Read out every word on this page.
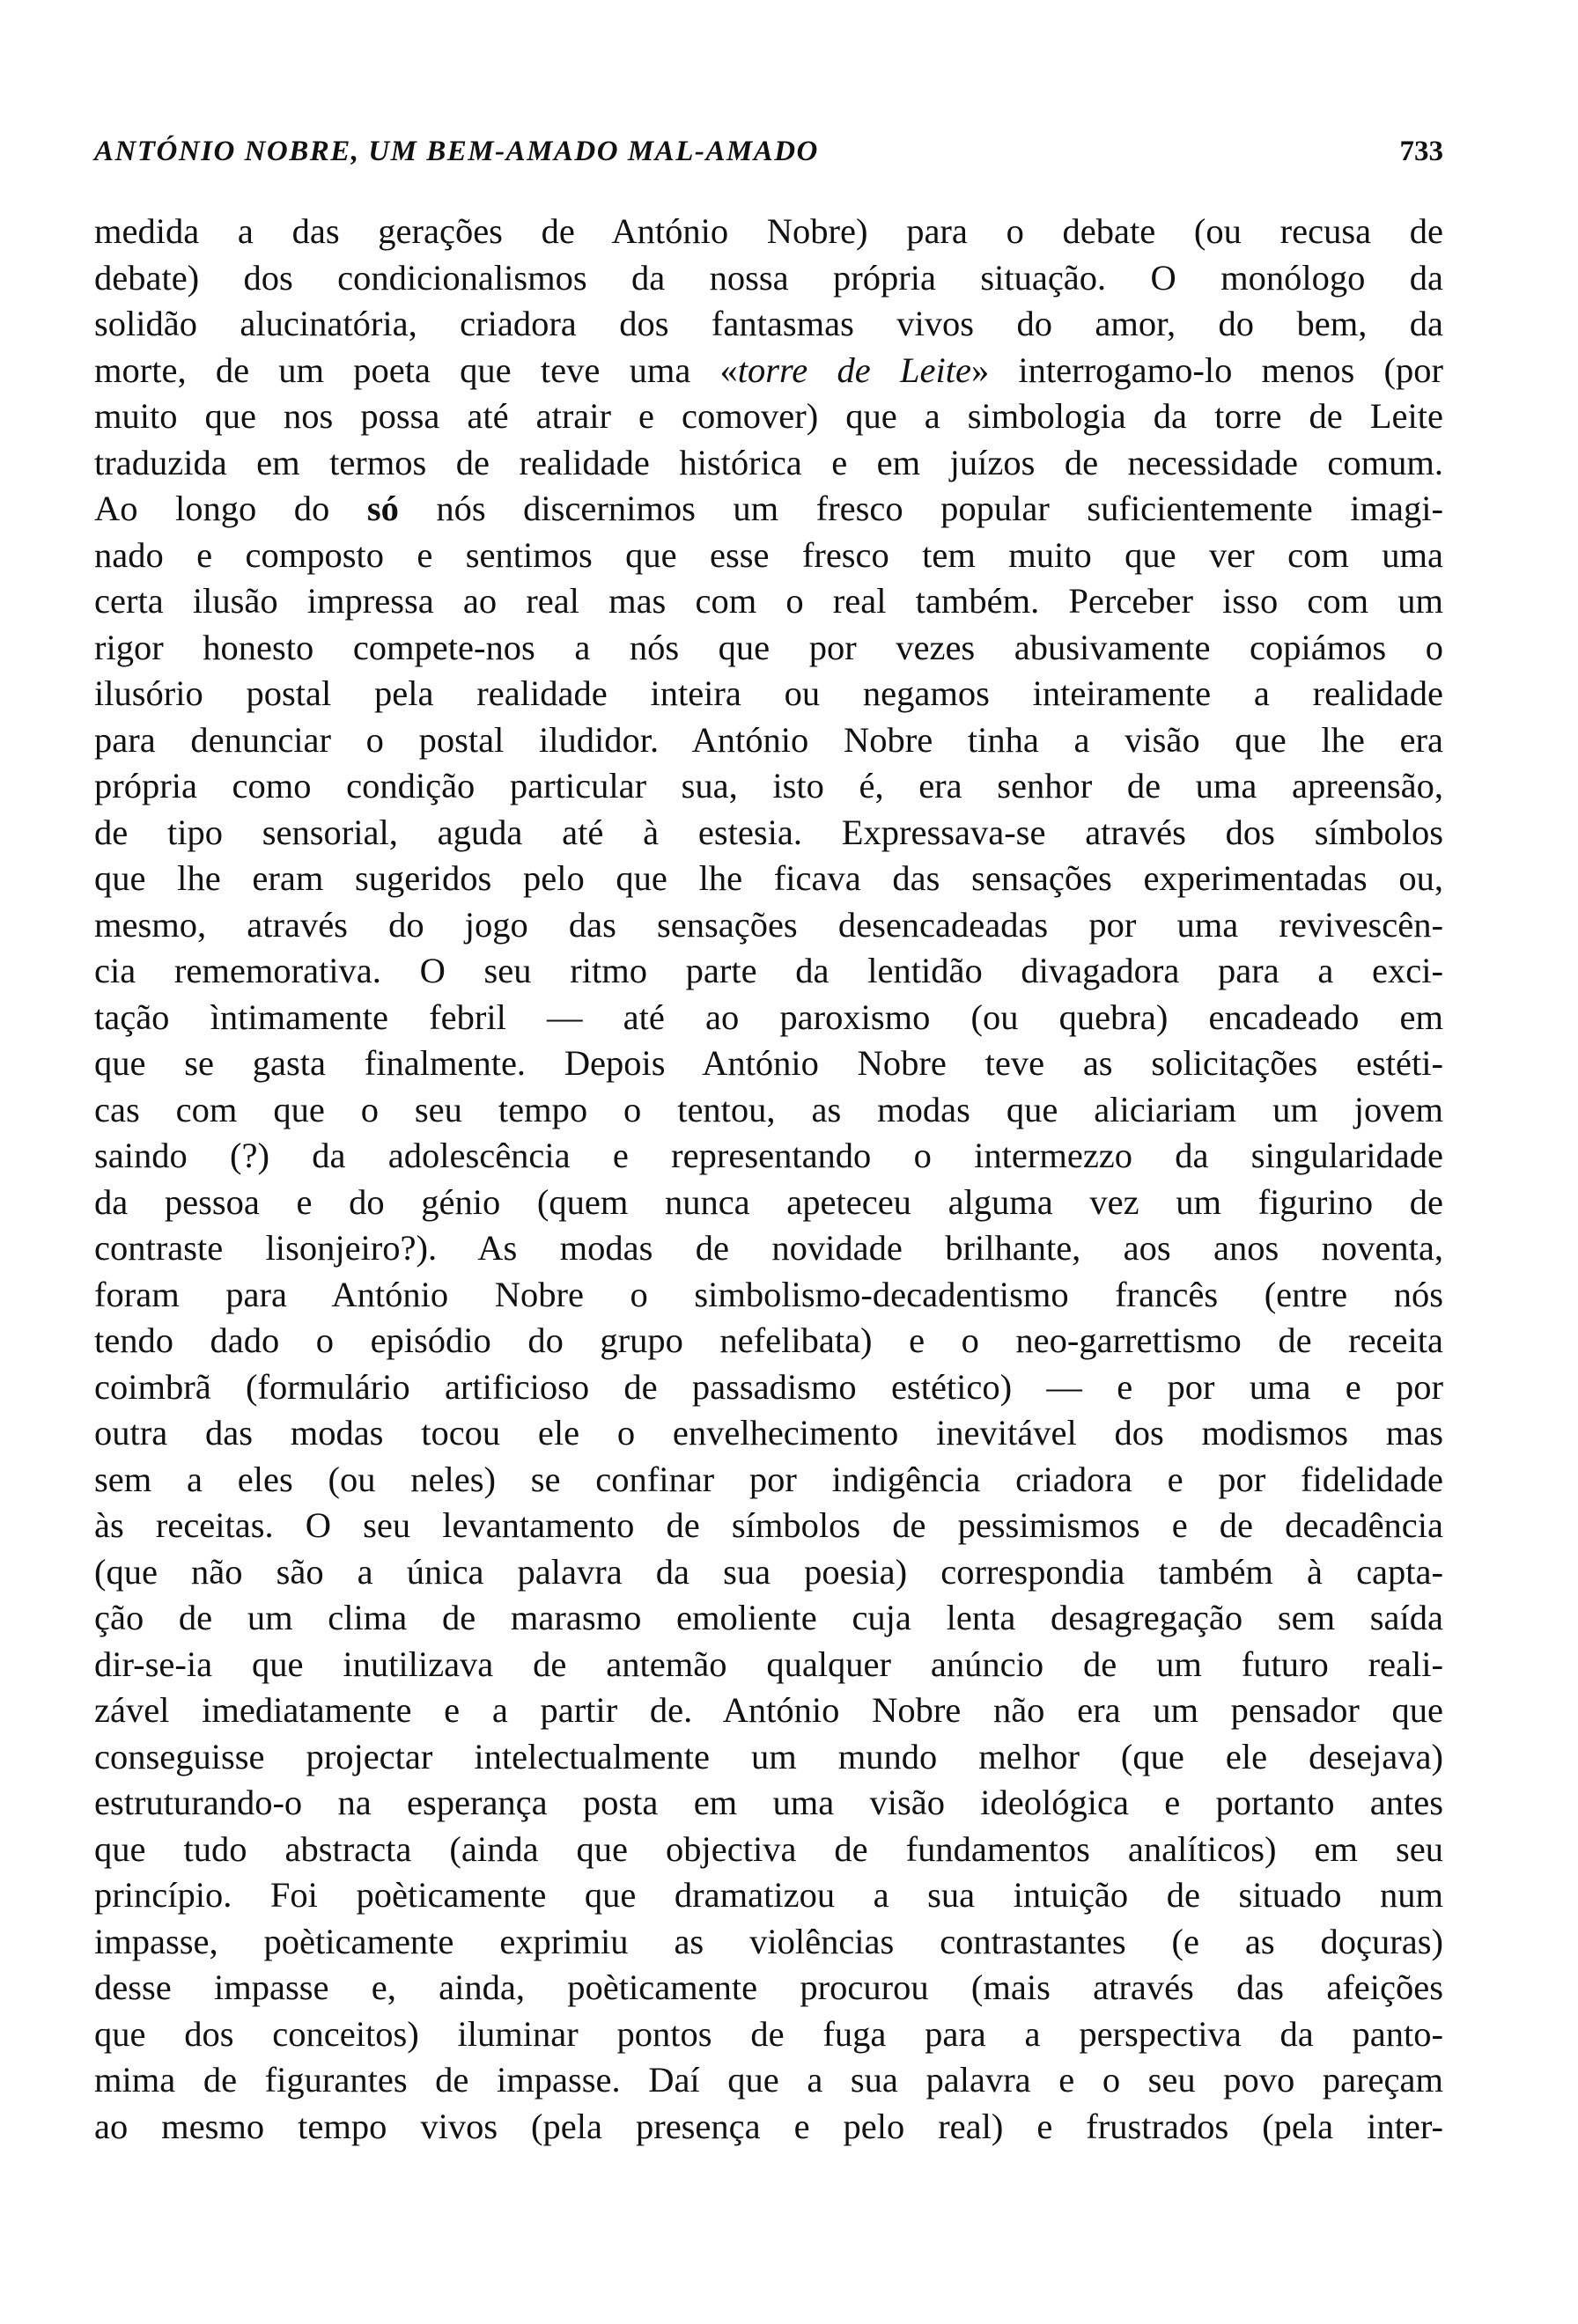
ANTÓNIO NOBRE, UM BEM-AMADO MAL-AMADO	733
medida a das gerações de António Nobre) para o debate (ou recusa de
debate) dos condicionalismos da nossa própria situação. O monólogo da
solidão alucinatória, criadora dos fantasmas vivos do amor, do bem, da
morte, de um poeta que teve uma «torre de Leite» interrogamo-lo menos (por
muito que nos possa até atrair e comover) que a simbologia da torre de Leite
traduzida em termos de realidade histórica e em juízos de necessidade comum.
Ao longo do só nós discernimos um fresco popular suficientemente imagi-
nado e composto e sentimos que esse fresco tem muito que ver com uma
certa ilusão impressa ao real mas com o real também. Perceber isso com um
rigor honesto compete-nos a nós que por vezes abusivamente copiámos o
ilusório postal pela realidade inteira ou negamos inteiramente a realidade
para denunciar o postal iludidor. António Nobre tinha a visão que lhe era
própria como condição particular sua, isto é, era senhor de uma apreensão,
de tipo sensorial, aguda até à estesia. Expressava-se através dos símbolos
que lhe eram sugeridos pelo que lhe ficava das sensações experimentadas ou,
mesmo, através do jogo das sensações desencadeadas por uma revivescên-
cia rememorativa. O seu ritmo parte da lentidão divagadora para a exci-
tação ìntimamente febril — até ao paroxismo (ou quebra) encadeado em
que se gasta finalmente. Depois António Nobre teve as solicitações estéti-
cas com que o seu tempo o tentou, as modas que aliciariam um jovem
saindo (?) da adolescência e representando o intermezzo da singularidade
da pessoa e do génio (quem nunca apeteceu alguma vez um figurino de
contraste lisonjeiro?). As modas de novidade brilhante, aos anos noventa,
foram para António Nobre o simbolismo-decadentismo francês (entre nós
tendo dado o episódio do grupo nefelibata) e o neo-garrettismo de receita
coimbrã (formulário artificioso de passadismo estético) — e por uma e por
outra das modas tocou ele o envelhecimento inevitável dos modismos mas
sem a eles (ou neles) se confinar por indigência criadora e por fidelidade
às receitas. O seu levantamento de símbolos de pessimismos e de decadência
(que não são a única palavra da sua poesia) correspondia também à capta-
ção de um clima de marasmo emoliente cuja lenta desagregação sem saída
dir-se-ia que inutilizava de antemão qualquer anúncio de um futuro reali-
zável imediatamente e a partir de. António Nobre não era um pensador que
conseguisse projectar intelectualmente um mundo melhor (que ele desejava)
estruturando-o na esperança posta em uma visão ideológica e portanto antes
que tudo abstracta (ainda que objectiva de fundamentos analíticos) em seu
princípio. Foi poèticamente que dramatizou a sua intuição de situado num
impasse, poèticamente exprimiu as violências contrastantes (e as doçuras)
desse impasse e, ainda, poèticamente procurou (mais através das afeições
que dos conceitos) iluminar pontos de fuga para a perspectiva da panto-
mima de figurantes de impasse. Daí que a sua palavra e o seu povo pareçam
ao mesmo tempo vivos (pela presença e pelo real) e frustrados (pela inter-
